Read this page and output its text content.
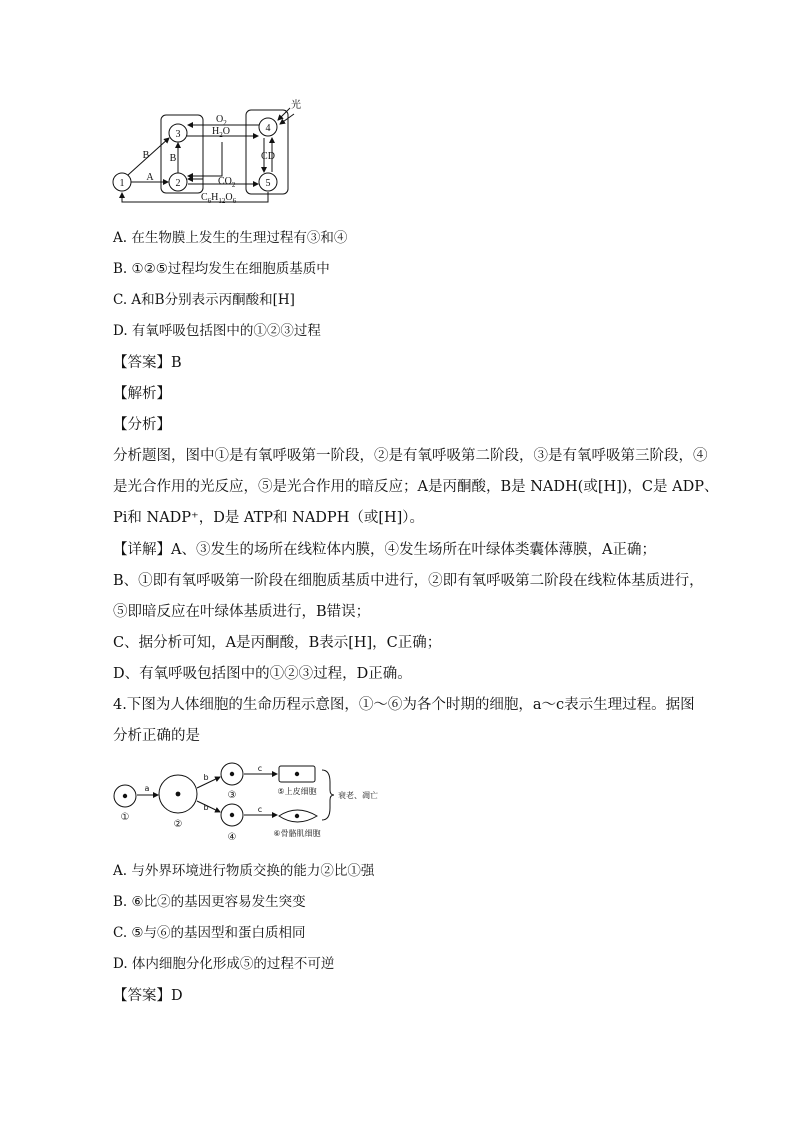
1	2
3
4
5
A
B B	CD
光
$O_2$
$H_2O$
$CO_2$
$C_6H_{12}O_6$
A. 在生物膜上发生的生理过程有③和④
B. ①②⑤过程均发生在细胞质基质中
C. A和B分别表示丙酮酸和[H]
D. 有氧呼吸包括图中的①②③过程
【答案】B
【解析】
【分析】
分析题图，图中①是有氧呼吸第一阶段，②是有氧呼吸第二阶段，③是有氧呼吸第三阶段，④
是光合作用的光反应，⑤是光合作用的暗反应；A是丙酮酸，B是 NADH(或[H])，C是 ADP、
Pi和 NADP⁺，D是 ATP和 NADPH（或[H]）。
【详解】A、③发生的场所在线粒体内膜，④发生场所在叶绿体类囊体薄膜，A正确；
B、①即有氧呼吸第一阶段在细胞质基质中进行，②即有氧呼吸第二阶段在线粒体基质进行，
⑤即暗反应在叶绿体基质进行，B错误；
C、据分析可知，A是丙酮酸，B表示[H]，C正确；
D、有氧呼吸包括图中的①②③过程，D正确。
4.下图为人体细胞的生命历程示意图，①～⑥为各个时期的细胞，a～c表示生理过程。据图
分析正确的是
a
b
b
c
c
①
②
③
④
⑤上皮细胞
⑥骨骼肌细胞
衰老、凋亡
A. 与外界环境进行物质交换的能力②比①强
B. ⑥比②的基因更容易发生突变
C. ⑤与⑥的基因型和蛋白质相同
D. 体内细胞分化形成⑤的过程不可逆
【答案】D
